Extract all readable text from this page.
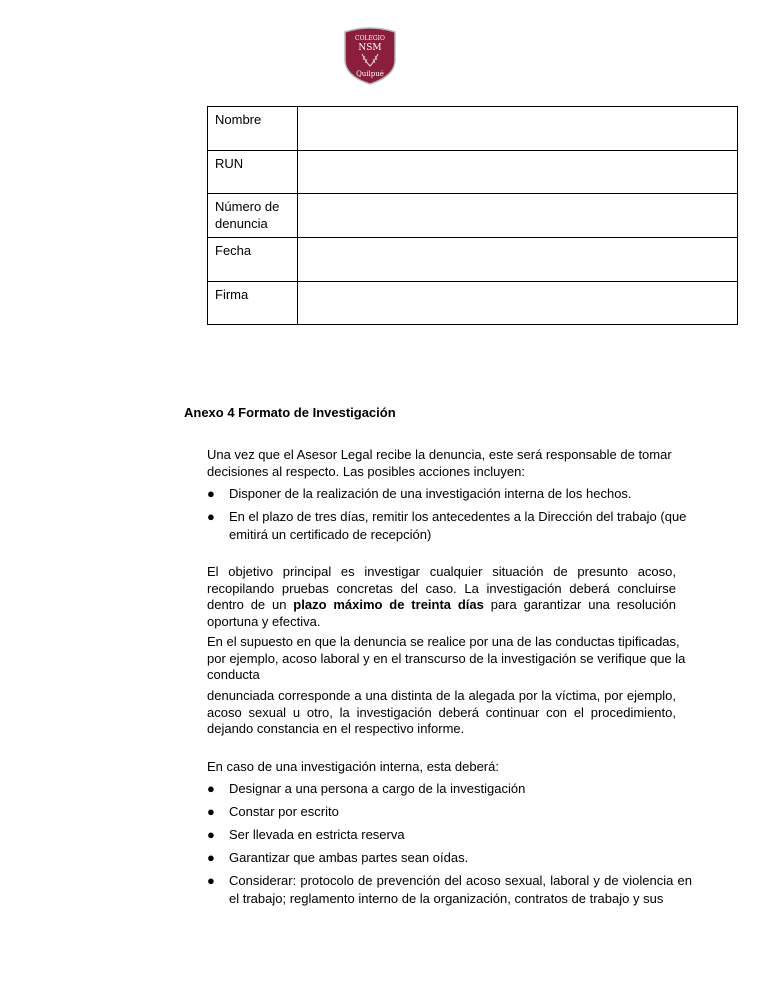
COLEGIO
NSM
Quilpué
Nombre	
RUN	
Número de denuncia	
Fecha	
Firma	
Anexo 4 Formato de Investigación
Una vez que el Asesor Legal recibe la denuncia, este será responsable de tomar decisiones al respecto. Las posibles acciones incluyen:
● Disponer de la realización de una investigación interna de los hechos.
● En el plazo de tres días, remitir los antecedentes a la Dirección del trabajo (que emitirá un certificado de recepción)
El objetivo principal es investigar cualquier situación de presunto acoso, recopilando pruebas concretas del caso. La investigación deberá concluirse dentro de un plazo máximo de treinta días para garantizar una resolución oportuna y efectiva.
En el supuesto en que la denuncia se realice por una de las conductas tipificadas, por ejemplo, acoso laboral y en el transcurso de la investigación se verifique que la conducta
denunciada corresponde a una distinta de la alegada por la víctima, por ejemplo, acoso sexual u otro, la investigación deberá continuar con el procedimiento, dejando constancia en el respectivo informe.
En caso de una investigación interna, esta deberá:
● Designar a una persona a cargo de la investigación
● Constar por escrito
● Ser llevada en estricta reserva
● Garantizar que ambas partes sean oídas.
● Considerar: protocolo de prevención del acoso sexual, laboral y de violencia en el trabajo; reglamento interno de la organización, contratos de trabajo y sus
